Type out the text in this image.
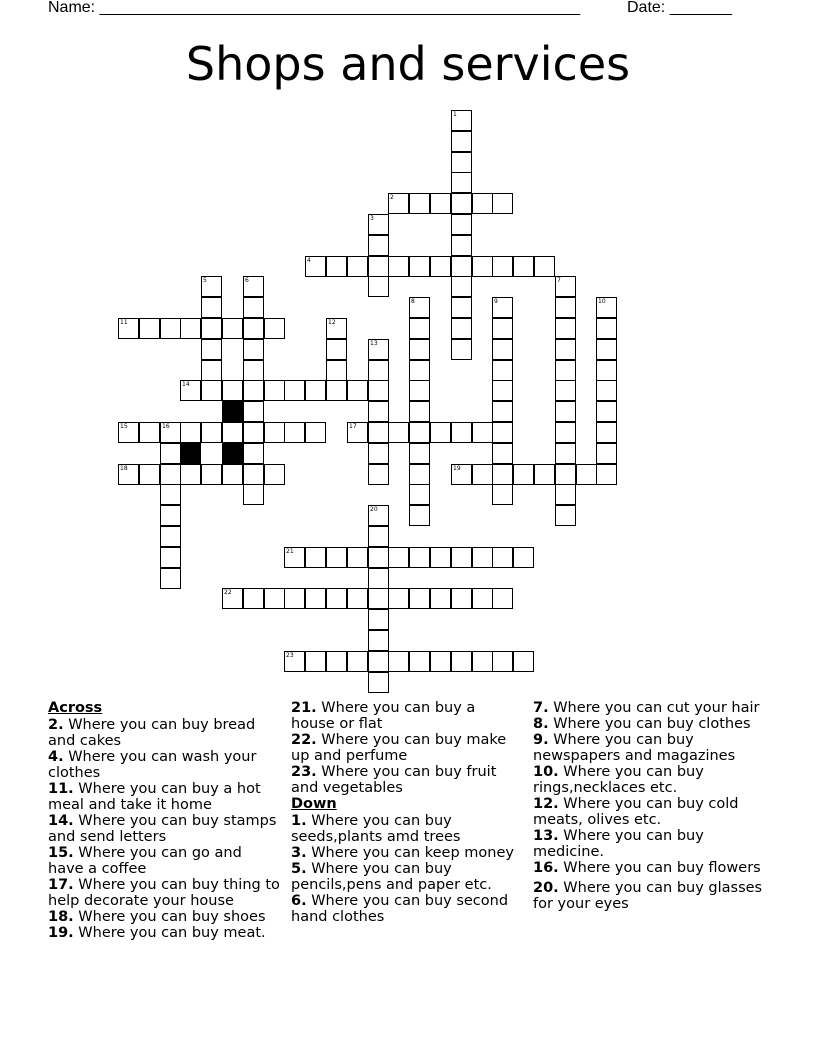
Name: ______________________________________________________	Date: _______
Shops and services
1
2
3
4
5	6	7
8	9	10
11	12
13
14
15	16	17
18	19
20
21
22
23
Across
2. Where you can buy bread and cakes
4. Where you can wash your clothes
11. Where you can buy a hot meal and take it home
14. Where you can buy stamps and send letters
15. Where you can go and have a coffee
17. Where you can buy thing to help decorate your house
18. Where you can buy shoes
19. Where you can buy meat.
21. Where you can buy a house or flat
22. Where you can buy make up and perfume
23. Where you can buy fruit and vegetables
Down
1. Where you can buy seeds,plants amd trees
3. Where you can keep money
5. Where you can buy pencils,pens and paper etc.
6. Where you can buy second hand clothes
7. Where you can cut your hair
8. Where you can buy clothes
9. Where you can buy newspapers and magazines
10. Where you can buy rings,necklaces etc.
12. Where you can buy cold meats, olives etc.
13. Where you can buy medicine.
16. Where you can buy flowers
20. Where you can buy glasses for your eyes
